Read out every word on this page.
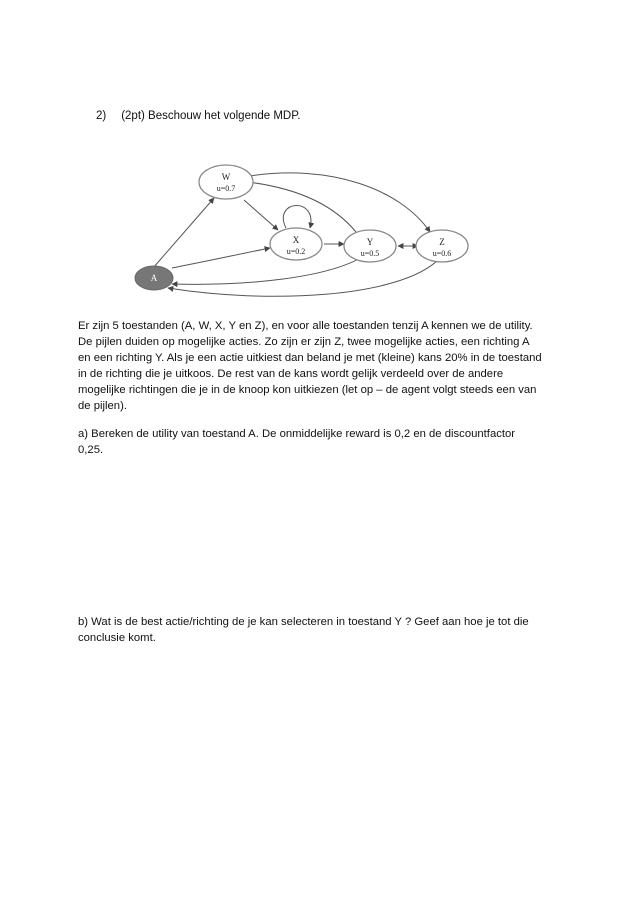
2) (2pt) Beschouw het volgende MDP.
W
u=0.7
X
u=0.2
Y
u=0.5
Z
u=0.6
A
Er zijn 5 toestanden (A, W, X, Y en Z), en voor alle toestanden tenzij A kennen we de utility.
De pijlen duiden op mogelijke acties. Zo zijn er zijn Z, twee mogelijke acties, een richting A
en een richting Y. Als je een actie uitkiest dan beland je met (kleine) kans 20% in de toestand
in de richting die je uitkoos. De rest van de kans wordt gelijk verdeeld over de andere
mogelijke richtingen die je in de knoop kon uitkiezen (let op – de agent volgt steeds een van
de pijlen).
a) Bereken de utility van toestand A. De onmiddelijke reward is 0,2 en de discountfactor
0,25.
b) Wat is de best actie/richting de je kan selecteren in toestand Y ? Geef aan hoe je tot die
conclusie komt.
